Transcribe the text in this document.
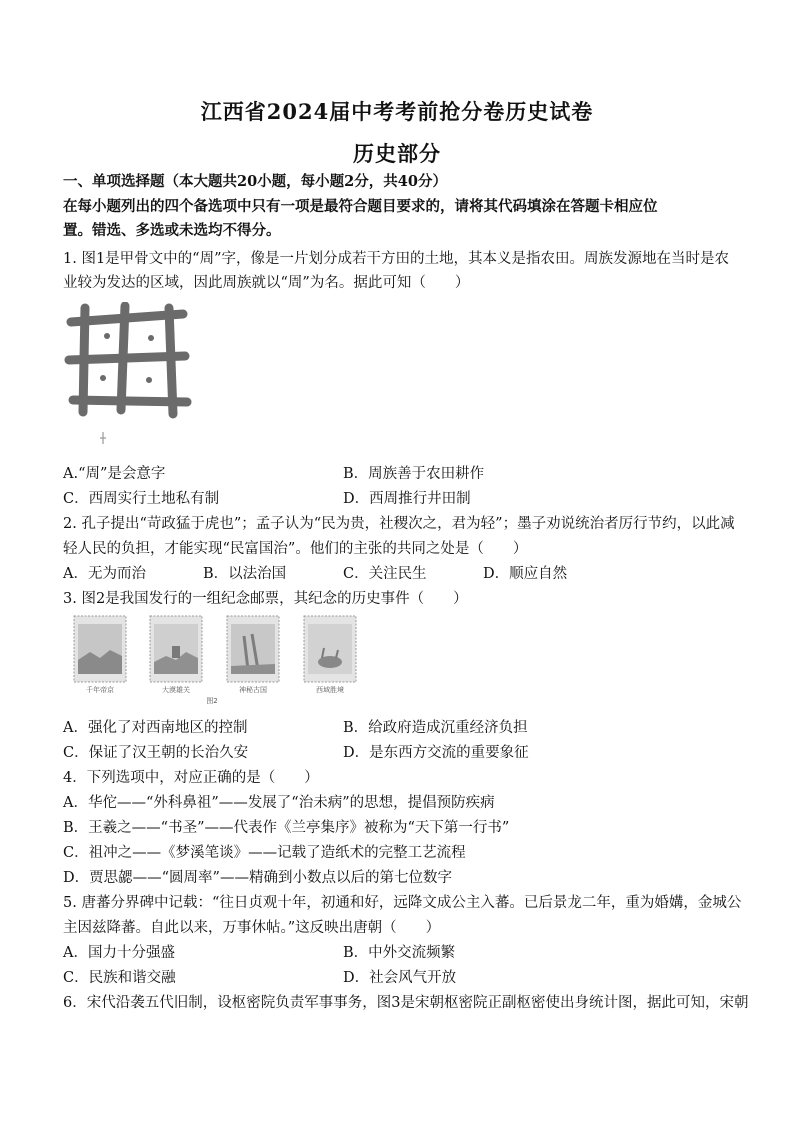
江西省2024届中考考前抢分卷历史试卷
历史部分
一、单项选择题（本大题共20小题，每小题2分，共40分）
在每小题列出的四个备选项中只有一项是最符合题目要求的，请将其代码填涂在答题卡相应位
置。错选、多选或未选均不得分。
1. 图1是甲骨文中的“周”字，像是一片划分成若干方田的土地，其本义是指农田。周族发源地在当时是农
业较为发达的区域，因此周族就以“周”为名。据此可知（　　）
A.“周”是会意字	B．周族善于农田耕作
C．西周实行土地私有制	D．西周推行井田制
2. 孔子提出“苛政猛于虎也”；孟子认为“民为贵，社稷次之，君为轻”；墨子劝说统治者厉行节约，以此减
轻人民的负担，才能实现“民富国治”。他们的主张的共同之处是（　　）
A．无为而治	B．以法治国	C．关注民生	D．顺应自然
3. 图2是我国发行的一组纪念邮票，其纪念的历史事件（　　）
千年帝京	大漠雄关	神秘古国	西域胜境
图2
A．强化了对西南地区的控制	B．给政府造成沉重经济负担
C．保证了汉王朝的长治久安	D．是东西方交流的重要象征
4．下列选项中，对应正确的是（　　）
A．华佗——“外科鼻祖”——发展了“治未病”的思想，提倡预防疾病
B．王羲之——“书圣”——代表作《兰亭集序》被称为“天下第一行书”
C．祖冲之——《梦溪笔谈》——记载了造纸术的完整工艺流程
D．贾思勰——“圆周率”——精确到小数点以后的第七位数字
5. 唐蕃分界碑中记载：“往日贞观十年，初通和好，远降文成公主入蕃。已后景龙二年，重为婚媾，金城公
主因兹降蕃。自此以来，万事休帖。”这反映出唐朝（　　）
A．国力十分强盛	B．中外交流频繁
C．民族和谐交融	D．社会风气开放
6．宋代沿袭五代旧制，设枢密院负责军事事务，图3是宋朝枢密院正副枢密使出身统计图，据此可知，宋朝
